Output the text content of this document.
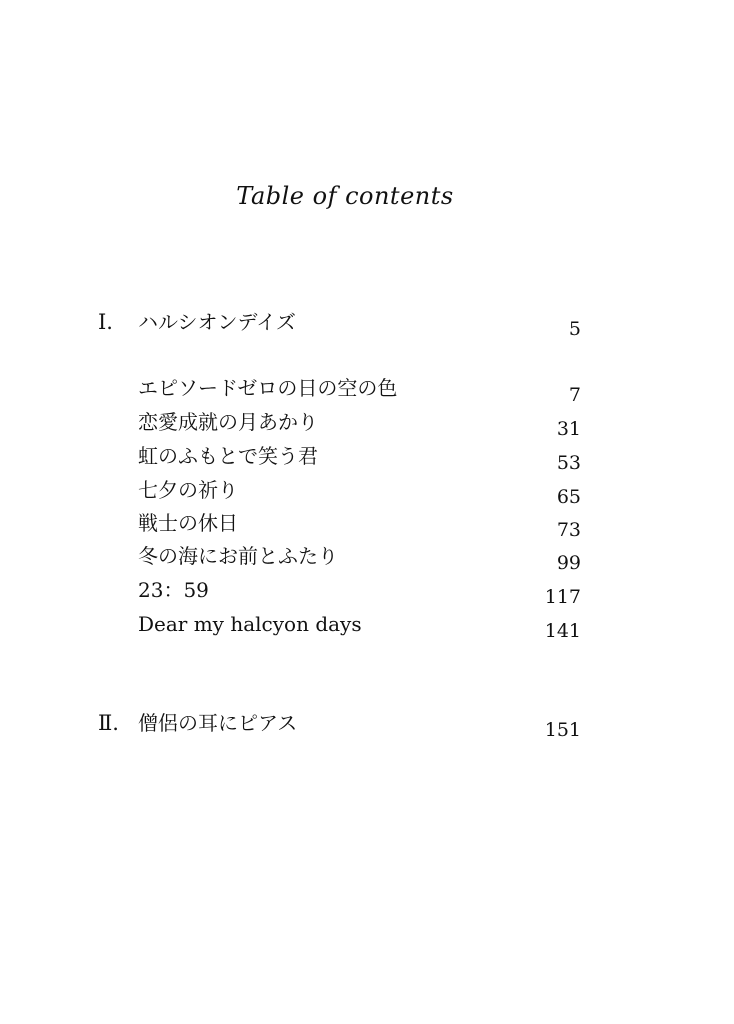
Table of contents
Ⅰ. ハルシオンデイズ	5
エピソードゼロの日の空の色	7
恋愛成就の月あかり	31
虹のふもとで笑う君	53
七夕の祈り	65
戦士の休日	73
冬の海にお前とふたり	99
23：59	117
Dear my halcyon days	141
Ⅱ. 僧侶の耳にピアス	151
